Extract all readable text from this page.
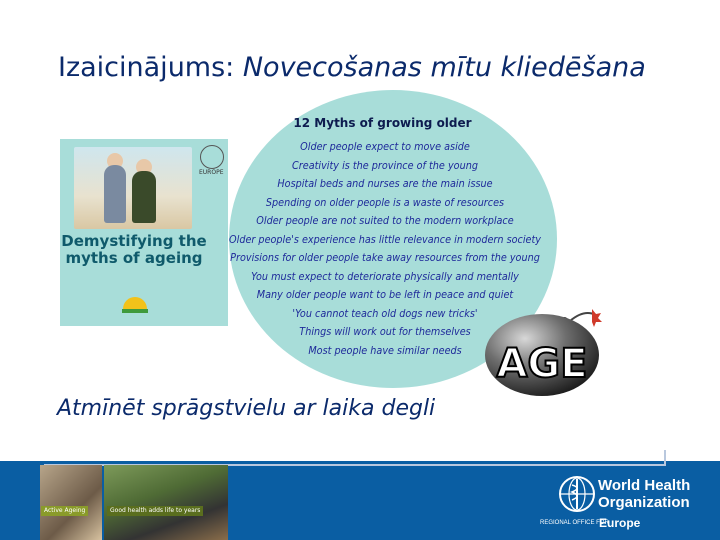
Izaicinājums: Novecošanas mītu kliedēšana
EUROPE
Demystifying the myths of ageing
12 Myths of growing older
Older people expect to move aside
Creativity is the province of the young
Hospital beds and nurses are the main issue
Spending on older people is a waste of resources
Older people are not suited to the modern workplace
Older people's experience has little relevance in modern society
Provisions for older people take away resources from the young
You must expect to deteriorate physically and mentally
Many older people want to be left in peace and quiet
'You cannot teach old dogs new tricks'
Things will work out for themselves
Most people have similar needs AGE
Atmīnēt sprāgstvielu ar laika degli
Active Ageing	Good health adds life to years
World Health
Organization
REGIONAL OFFICE FOR
Europe
